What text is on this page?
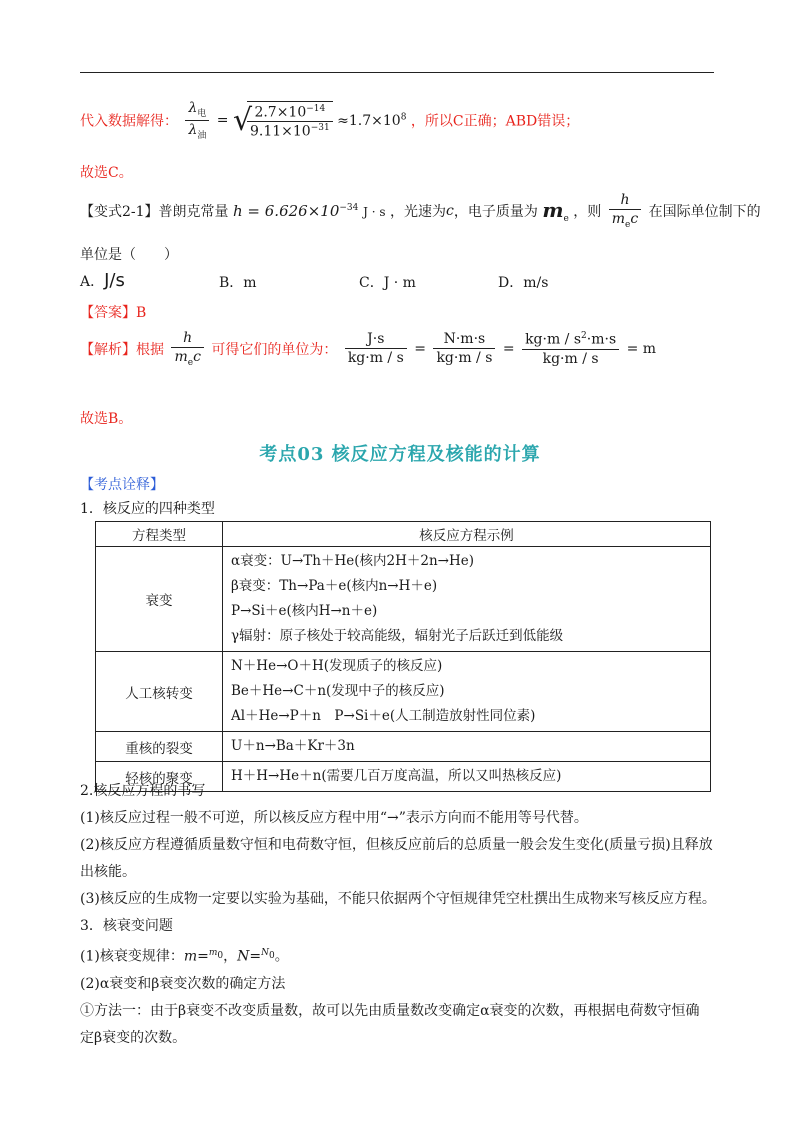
代入数据解得： $\frac{\lambda_电}{\lambda_油}$ = √
$\frac{2.7\times 10^{-14}}{9.11\times 10^{-31}} \approx 1.7\times 10^8$ ，所以C正确；ABD错误；
故选C。
【变式2-1】普朗克常量 $h = 6.626\times 10^{-34}$ J · s ，光速为c，电子质量为 $m_e$ ，则 $\frac{h}{m_ec}$ 在国际单位制下的
单位是（　　）
A．J/s	B．m	C．J · m	D．m/s
【答案】B
【解析】根据 $\frac{h}{m_ec}$ 可得它们的单位为： $\frac{J\cdot s}{kg\cdot m / s} = \frac{N\cdot m\cdot s}{kg\cdot m / s} = \frac{kg\cdot m / s^2\cdot m\cdot s}{kg\cdot m / s} = m$
故选B。
考点03 核反应方程及核能的计算
【考点诠释】
1．核反应的四种类型
方程类型	核反应方程示例
衰变	α衰变：U→Th＋He(核内2H＋2n→He)
β衰变：Th→Pa＋e(核内n→H＋e)
P→Si＋e(核内H→n＋e)
γ辐射：原子核处于较高能级，辐射光子后跃迁到低能级

人工核转变	N＋He→O＋H(发现质子的核反应)
Be＋He→C＋n(发现中子的核反应)
Al＋He→P＋n　P→Si＋e(人工制造放射性同位素)

重核的裂变	U＋n→Ba＋Kr＋3n

轻核的聚变	H＋H→He＋n(需要几百万度高温，所以又叫热核反应)
2.核反应方程的书写
(1)核反应过程一般不可逆，所以核反应方程中用“→”表示方向而不能用等号代替。
(2)核反应方程遵循质量数守恒和电荷数守恒，但核反应前后的总质量一般会发生变化(质量亏损)且释放
出核能。
(3)核反应的生成物一定要以实验为基础，不能只依据两个守恒规律凭空杜撰出生成物来写核反应方程。
3．核衰变问题
(1)核衰变规律：m=$^{m_0}$，N=$^{N_0}$。
(2)α衰变和β衰变次数的确定方法
①方法一：由于β衰变不改变质量数，故可以先由质量数改变确定α衰变的次数，再根据电荷数守恒确
定β衰变的次数。
